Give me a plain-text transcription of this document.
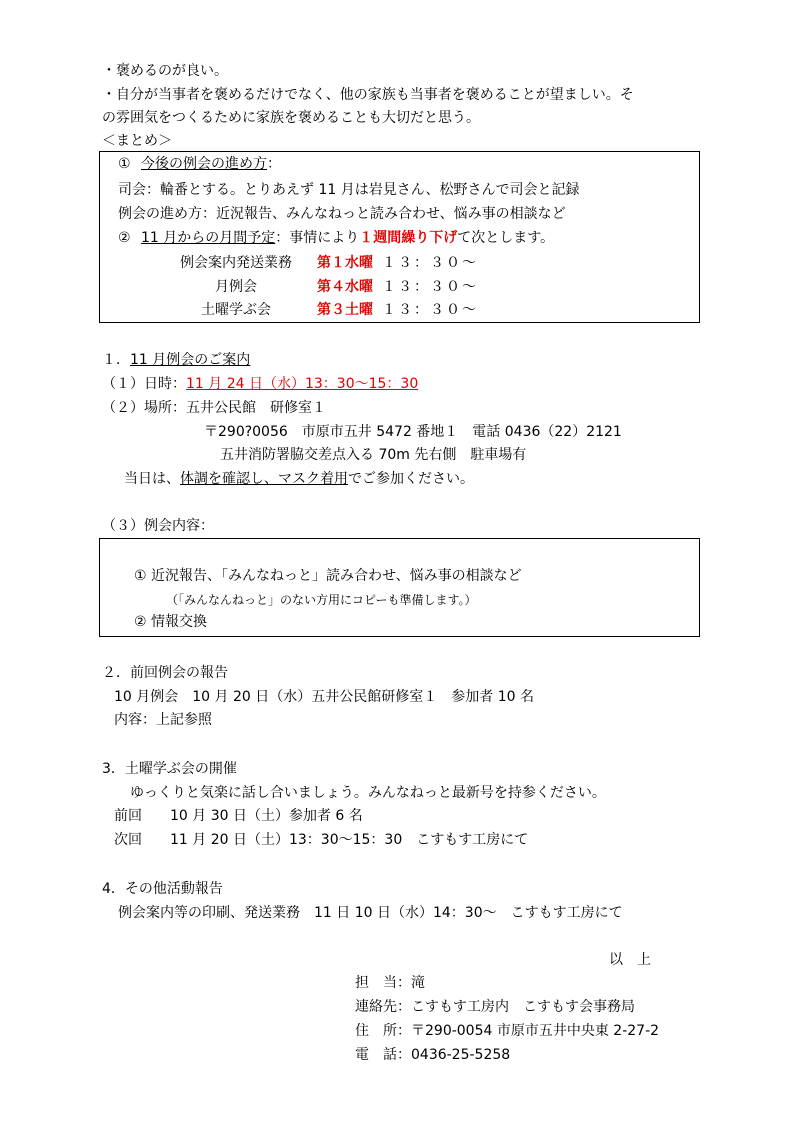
・褒めるのが良い。
・自分が当事者を褒めるだけでなく、他の家族も当事者を褒めることが望ましい。そ
の雰囲気をつくるために家族を褒めることも大切だと思う。
＜まとめ＞
① 今後の例会の進め方：
司会：輪番とする。とりあえず 11 月は岩見さん、松野さんで司会と記録
例会の進め方：近況報告、みんなねっと読み合わせ、悩み事の相談など
② 11 月からの月間予定：事情により１週間繰り下げて次とします。
例会案内発送業務	第１水曜 １３：３０～
月例会	第４水曜 １３：３０～
土曜学ぶ会	第３土曜 １３：３０～
１．11 月例会のご案内
（１）日時：11 月 24 日（水）13：30～15：30
（２）場所：五井公民館　研修室１
〒290?0056　市原市五井 5472 番地１　電話 0436（22）2121
五井消防署脇交差点入る 70m 先右側　駐車場有
当日は、体調を確認し、マスク着用でご参加ください。
（３）例会内容：
① 近況報告、「みんなねっと」読み合わせ、悩み事の相談など
（「みんなんねっと」のない方用にコピーも準備します。）
② 情報交換
２．前回例会の報告
10 月例会　10 月 20 日（水）五井公民館研修室１　参加者 10 名
内容：上記参照
3．土曜学ぶ会の開催
ゆっくりと気楽に話し合いましょう。みんなねっと最新号を持参ください。
前回　　10 月 30 日（土）参加者 6 名
次回　　11 月 20 日（土）13：30～15：30　こすもす工房にて
4．その他活動報告
例会案内等の印刷、発送業務　11 日 10 日（水）14：30～　こすもす工房にて
以　上
担　当：滝
連絡先：こすもす工房内　こすもす会事務局
住　所：〒290-0054 市原市五井中央東 2-27-2
電　話：0436-25-5258
